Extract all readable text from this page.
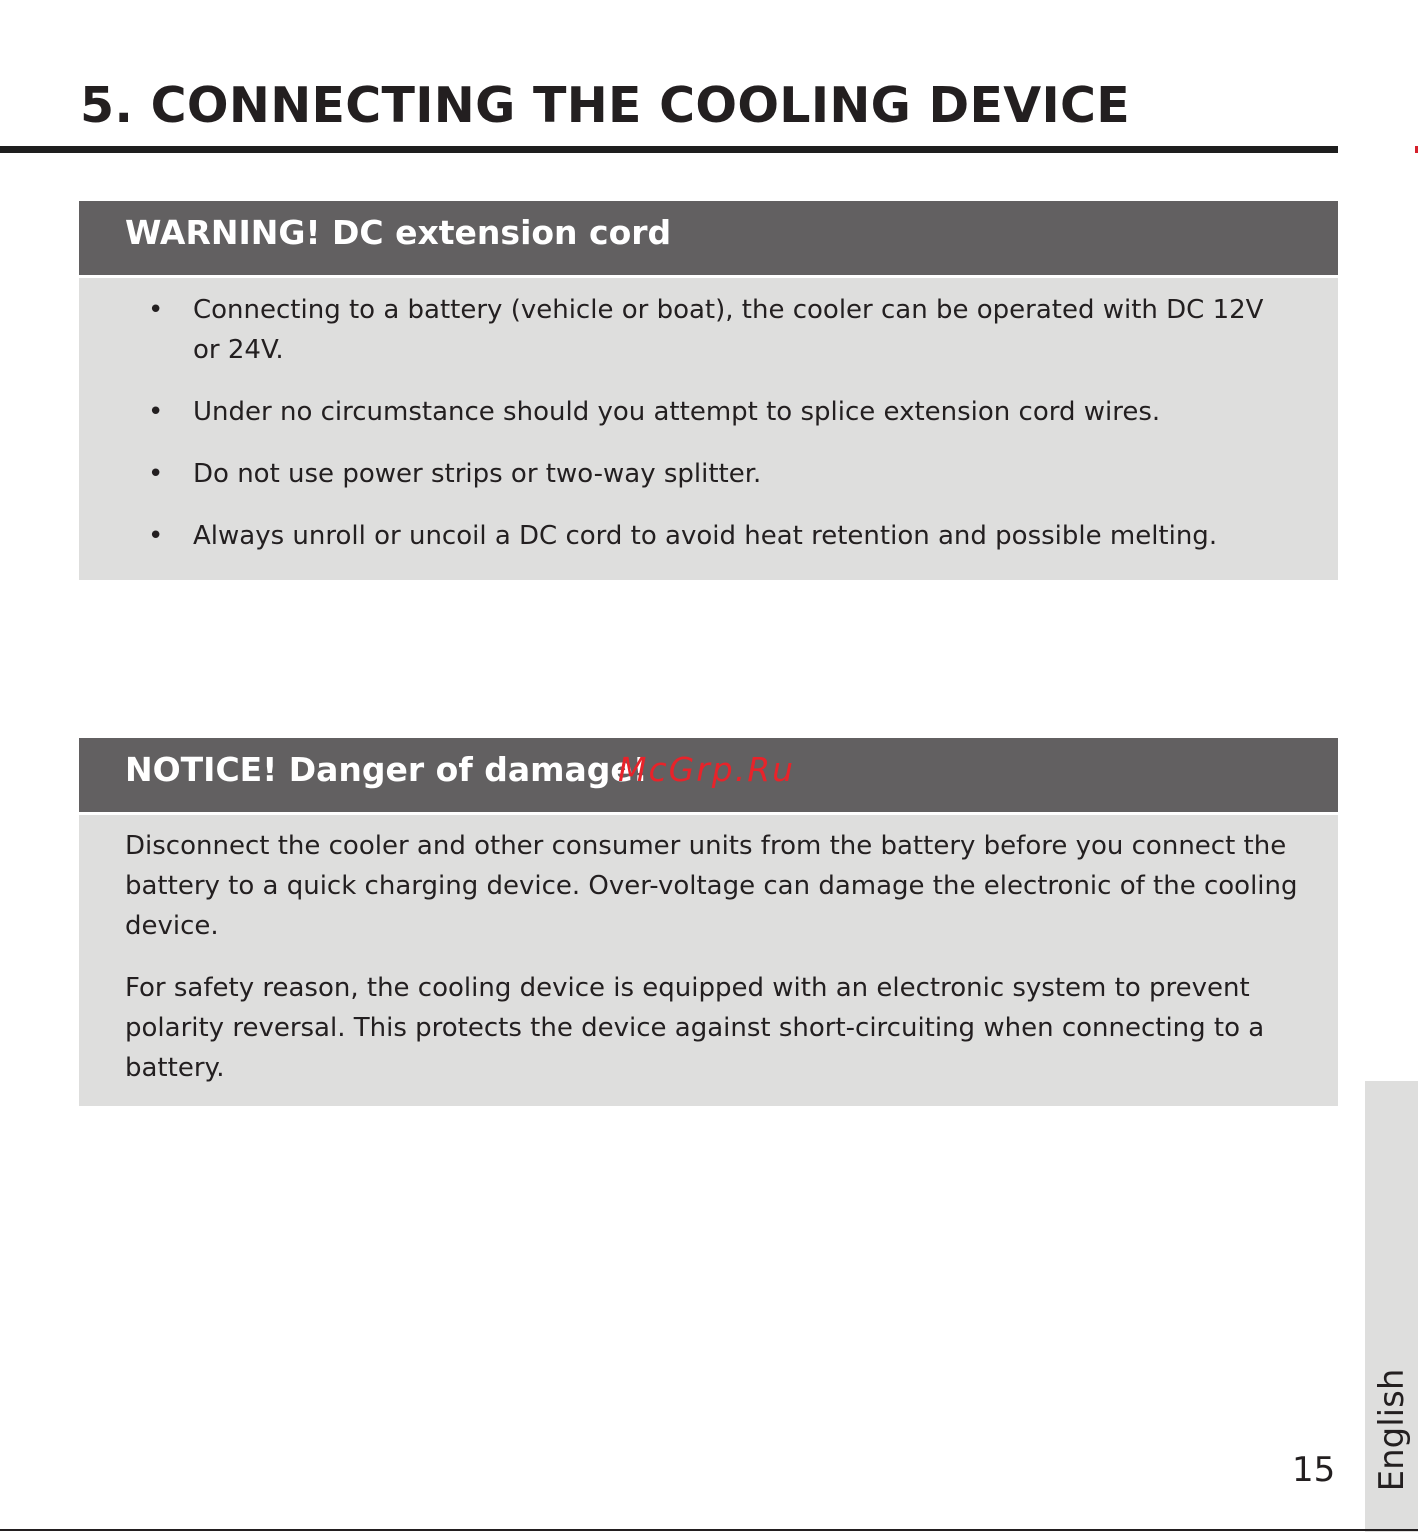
5. CONNECTING THE COOLING DEVICE
WARNING! DC extension cord
• Connecting to a battery (vehicle or boat), the cooler can be operated with DC 12V or 24V.
• Under no circumstance should you attempt to splice extension cord wires.
• Do not use power strips or two-way splitter.
• Always unroll or uncoil a DC cord to avoid heat retention and possible melting.
NOTICE! Danger of damage!
McGrp.Ru

Disconnect the cooler and other consumer units from the battery before you connect the battery to a quick charging device. Over-voltage can damage the electronic of the cooling device.

For safety reason, the cooling device is equipped with an electronic system to prevent polarity reversal. This protects the device against short-circuiting when connecting to a battery.

English
15
